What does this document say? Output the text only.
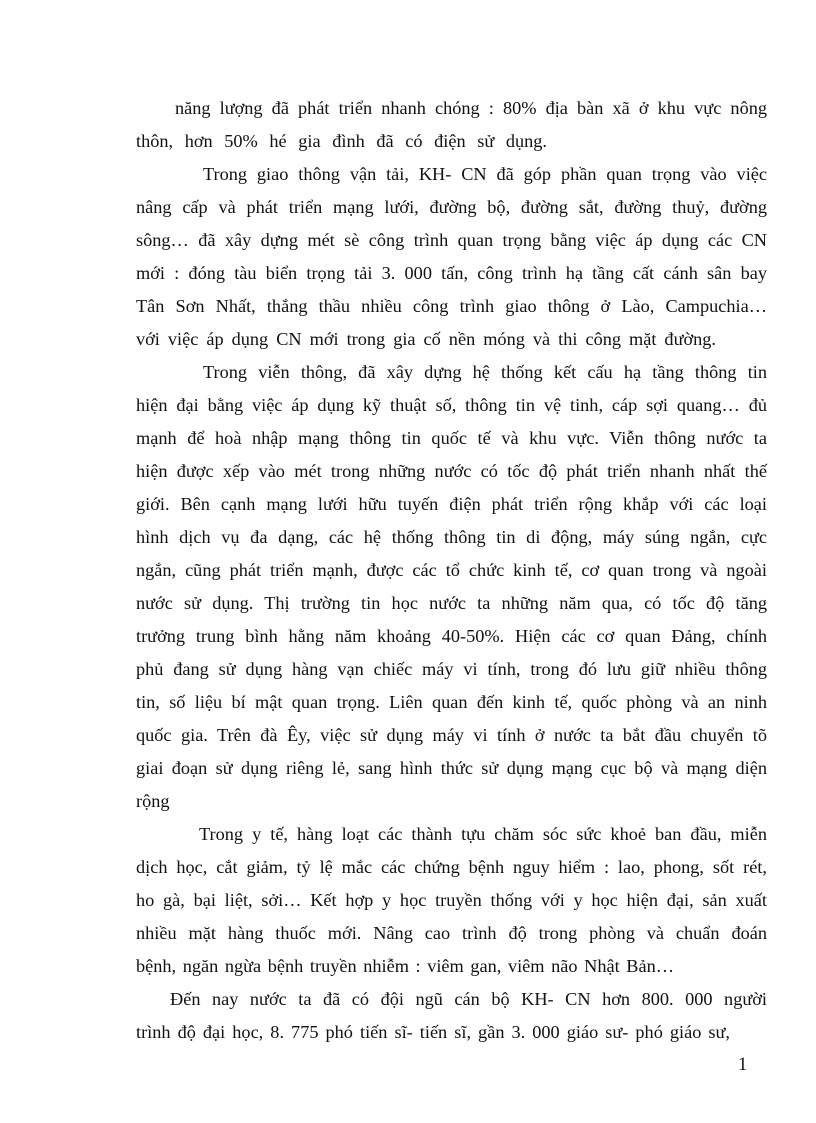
năng lượng đã phát triển nhanh chóng : 80% địa bàn xã ở khu vực nông
thôn, hơn 50% hé gia đình đã có điện sử dụng.
Trong giao thông vận tải, KH- CN đã góp phần quan trọng vào việc
nâng cấp và phát triển mạng lưới, đường bộ, đường sắt, đường thuỷ, đường
sông… đã xây dựng mét sè công trình quan trọng bằng việc áp dụng các CN
mới : đóng tàu biển trọng tải 3. 000 tấn, công trình hạ tầng cất cánh sân bay
Tân Sơn Nhất, thắng thầu nhiều công trình giao thông ở Lào, Campuchia…
với việc áp dụng CN mới trong gia cố nền móng và thi công mặt đường.
Trong viễn thông, đã xây dựng hệ thống kết cấu hạ tầng thông tin
hiện đại bằng việc áp dụng kỹ thuật số, thông tin vệ tinh, cáp sợi quang… đủ
mạnh để hoà nhập mạng thông tin quốc tế và khu vực. Viễn thông nước ta
hiện được xếp vào mét trong những nước có tốc độ phát triển nhanh nhất thế
giới. Bên cạnh mạng lưới hữu tuyến điện phát triển rộng khắp với các loại
hình dịch vụ đa dạng, các hệ thống thông tin di động, máy súng ngắn, cực
ngắn, cũng phát triển mạnh, được các tổ chức kinh tế, cơ quan trong và ngoài
nước sử dụng. Thị trường tin học nước ta những năm qua, có tốc độ tăng
trưởng trung bình hằng năm khoảng 40-50%. Hiện các cơ quan Đảng, chính
phủ đang sử dụng hàng vạn chiếc máy vi tính, trong đó lưu giữ nhiều thông
tin, số liệu bí mật quan trọng. Liên quan đến kinh tế, quốc phòng và an ninh
quốc gia. Trên đà Êy, việc sử dụng máy vi tính ở nước ta bắt đầu chuyển tõ
giai đoạn sử dụng riêng lẻ, sang hình thức sử dụng mạng cục bộ và mạng diện
rộng
Trong y tế, hàng loạt các thành tựu chăm sóc sức khoẻ ban đầu, miễn
dịch học, cắt giảm, tỷ lệ mắc các chứng bệnh nguy hiểm : lao, phong, sốt rét,
ho gà, bại liệt, sởi… Kết hợp y học truyền thống với y học hiện đại, sản xuất
nhiều mặt hàng thuốc mới. Nâng cao trình độ trong phòng và chuẩn đoán
bệnh, ngăn ngừa bệnh truyền nhiễm : viêm gan, viêm não Nhật Bản…
Đến nay nước ta đã có đội ngũ cán bộ KH- CN hơn 800. 000 người
trình độ đại học, 8. 775 phó tiến sĩ- tiến sĩ, gần 3. 000 giáo sư- phó giáo sư,
1
